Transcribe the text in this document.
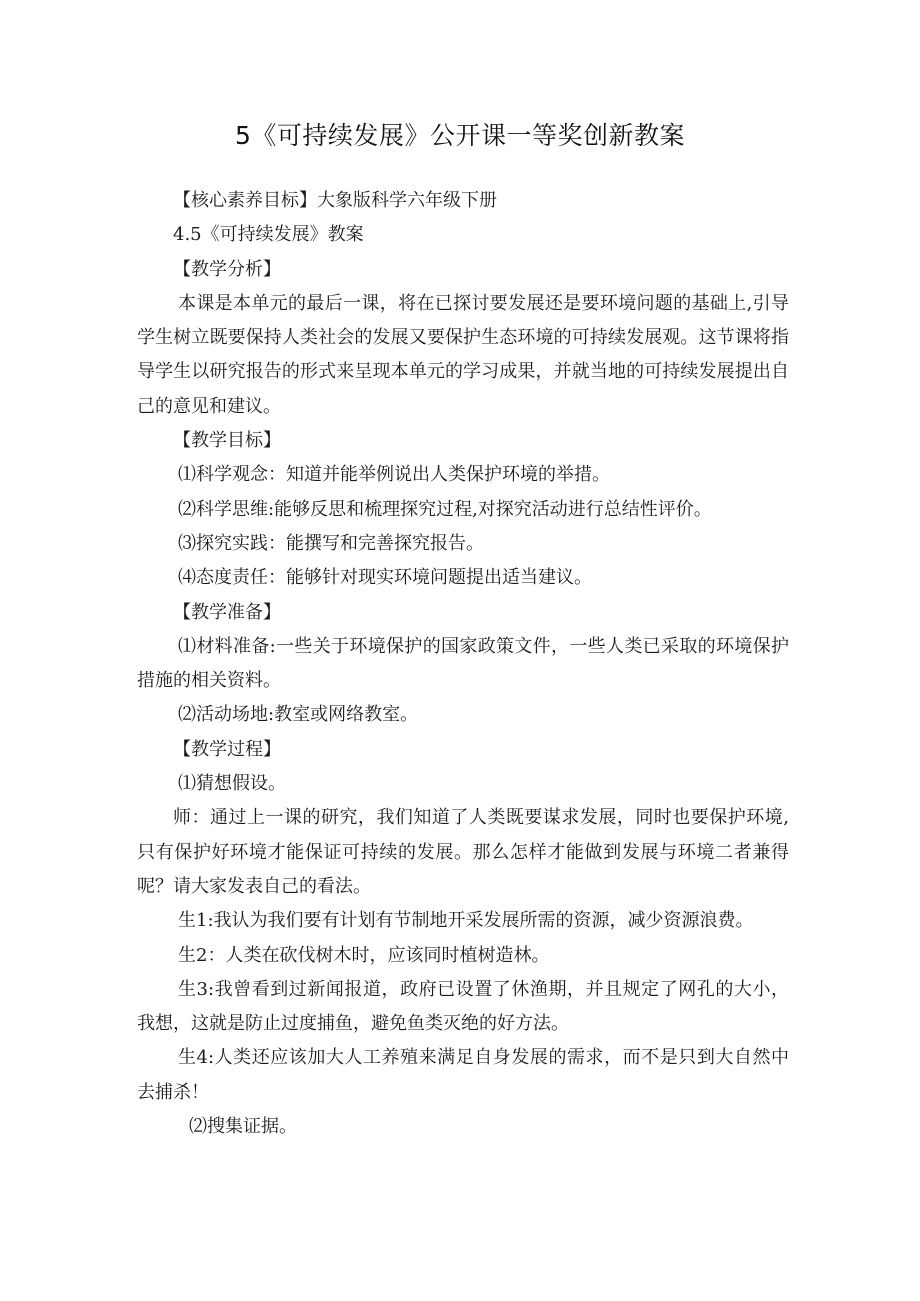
5《可持续发展》公开课一等奖创新教案

【核心素养目标】大象版科学六年级下册

4.5《可持续发展》教案

【教学分析】

本课是本单元的最后一课，将在已探讨要发展还是要环境问题的基础上,引导学生树立既要保持人类社会的发展又要保护生态环境的可持续发展观。这节课将指导学生以研究报告的形式来呈现本单元的学习成果，并就当地的可持续发展提出自己的意见和建议。

【教学目标】

⑴科学观念：知道并能举例说出人类保护环境的举措。

⑵科学思维:能够反思和梳理探究过程,对探究活动进行总结性评价。

⑶探究实践：能撰写和完善探究报告。

⑷态度责任：能够针对现实环境问题提出适当建议。

【教学准备】

⑴材料准备:一些关于环境保护的国家政策文件，一些人类已采取的环境保护措施的相关资料。

⑵活动场地:教室或网络教室。

【教学过程】

⑴猜想假设。

师：通过上一课的研究，我们知道了人类既要谋求发展，同时也要保护环境,只有保护好环境才能保证可持续的发展。那么怎样才能做到发展与环境二者兼得呢？请大家发表自己的看法。

生1:我认为我们要有计划有节制地开采发展所需的资源，减少资源浪费。

生2：人类在砍伐树木时，应该同时植树造林。

生3:我曾看到过新闻报道，政府已设置了休渔期，并且规定了网孔的大小，我想，这就是防止过度捕鱼，避免鱼类灭绝的好方法。

生4:人类还应该加大人工养殖来满足自身发展的需求，而不是只到大自然中去捕杀！

⑵搜集证据。
